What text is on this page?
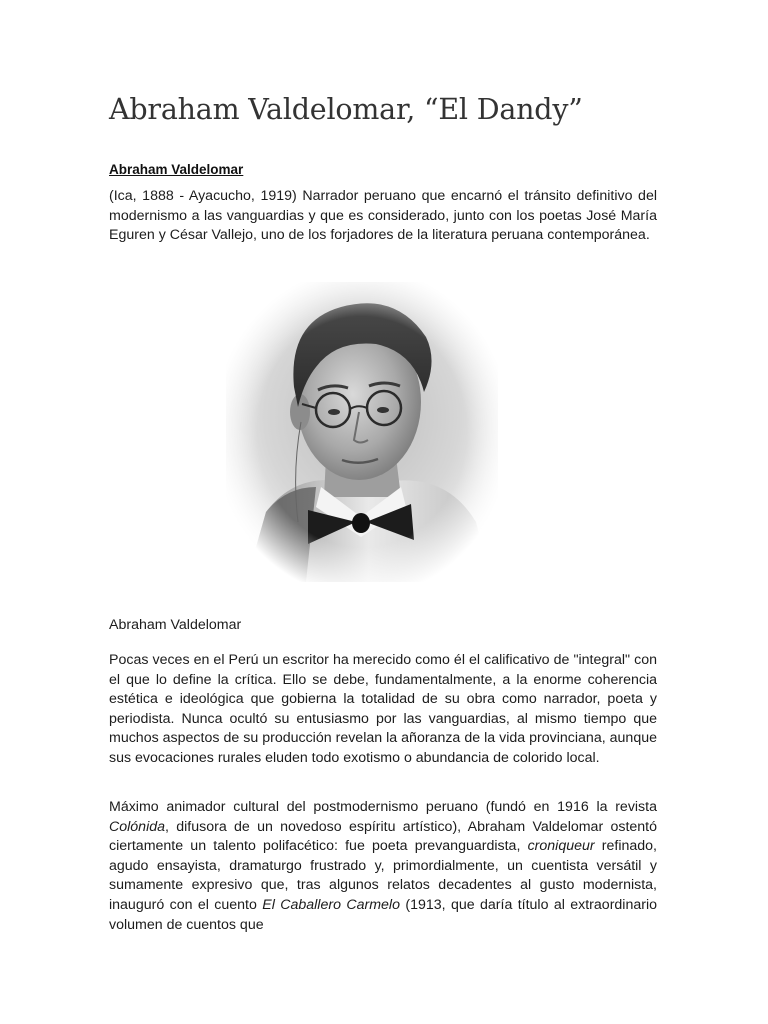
Abraham Valdelomar, “El Dandy”

Abraham Valdelomar

(Ica, 1888 - Ayacucho, 1919) Narrador peruano que encarnó el tránsito definitivo del modernismo a las vanguardias y que es considerado, junto con los poetas José María Eguren y César Vallejo, uno de los forjadores de la literatura peruana contemporánea.

Abraham Valdelomar

Pocas veces en el Perú un escritor ha merecido como él el calificativo de "integral" con el que lo define la crítica. Ello se debe, fundamentalmente, a la enorme coherencia estética e ideológica que gobierna la totalidad de su obra como narrador, poeta y periodista. Nunca ocultó su entusiasmo por las vanguardias, al mismo tiempo que muchos aspectos de su producción revelan la añoranza de la vida provinciana, aunque sus evocaciones rurales eluden todo exotismo o abundancia de colorido local.

Máximo animador cultural del postmodernismo peruano (fundó en 1916 la revista Colónida, difusora de un novedoso espíritu artístico), Abraham Valdelomar ostentó ciertamente un talento polifacético: fue poeta prevanguardista, croniqueur refinado, agudo ensayista, dramaturgo frustrado y, primordialmente, un cuentista versátil y sumamente expresivo que, tras algunos relatos decadentes al gusto modernista, inauguró con el cuento El Caballero Carmelo (1913, que daría título al extraordinario volumen de cuentos que
